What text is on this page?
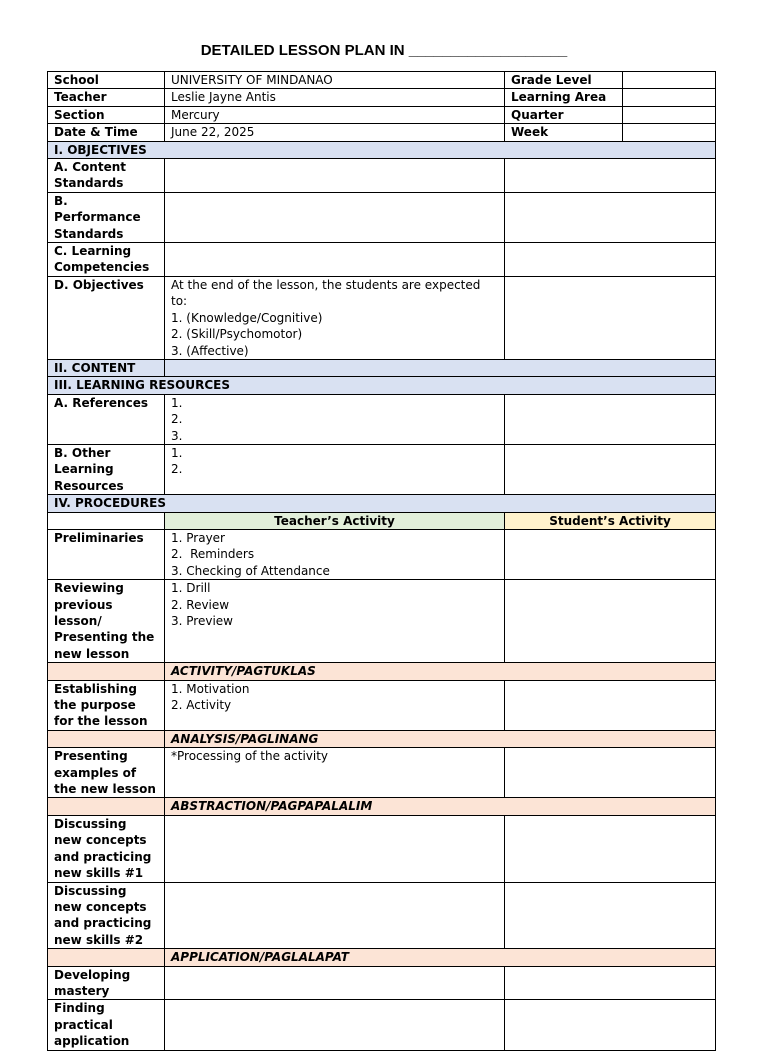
DETAILED LESSON PLAN IN ___________________
School	UNIVERSITY OF MINDANAO	Grade Level	
Teacher	Leslie Jayne Antis	Learning Area	
Section	Mercury	Quarter	
Date & Time	June 22, 2025	Week	
I. OBJECTIVES			
A. Content Standards			
B. Performance Standards			
C. Learning Competencies			
D. Objectives	At the end of the lesson, the students are expected to:
1. (Knowledge/Cognitive)
2. (Skill/Psychomotor)
3. (Affective)		

II. CONTENT			
III. LEARNING RESOURCES			
A. References	1.
2.
3.		

B. Other Learning Resources	1.
2.		

IV. PROCEDURES			
	Teacher’s Activity	Student’s Activity	
Preliminaries	1. Prayer
2.  Reminders
3. Checking of Attendance		

Reviewing previous lesson/ Presenting the new lesson	1. Drill
2. Review
3. Preview		

	ACTIVITY/PAGTUKLAS		
Establishing the purpose for the lesson	1. Motivation
2. Activity		

	ANALYSIS/PAGLINANG		
Presenting examples of the new lesson	*Processing of the activity		

	ABSTRACTION/PAGPAPALALIM		
Discussing new concepts and practicing new skills #1			
Discussing new concepts and practicing new skills #2			
	APPLICATION/PAGLALAPAT		
Developing mastery			
Finding practical application			
